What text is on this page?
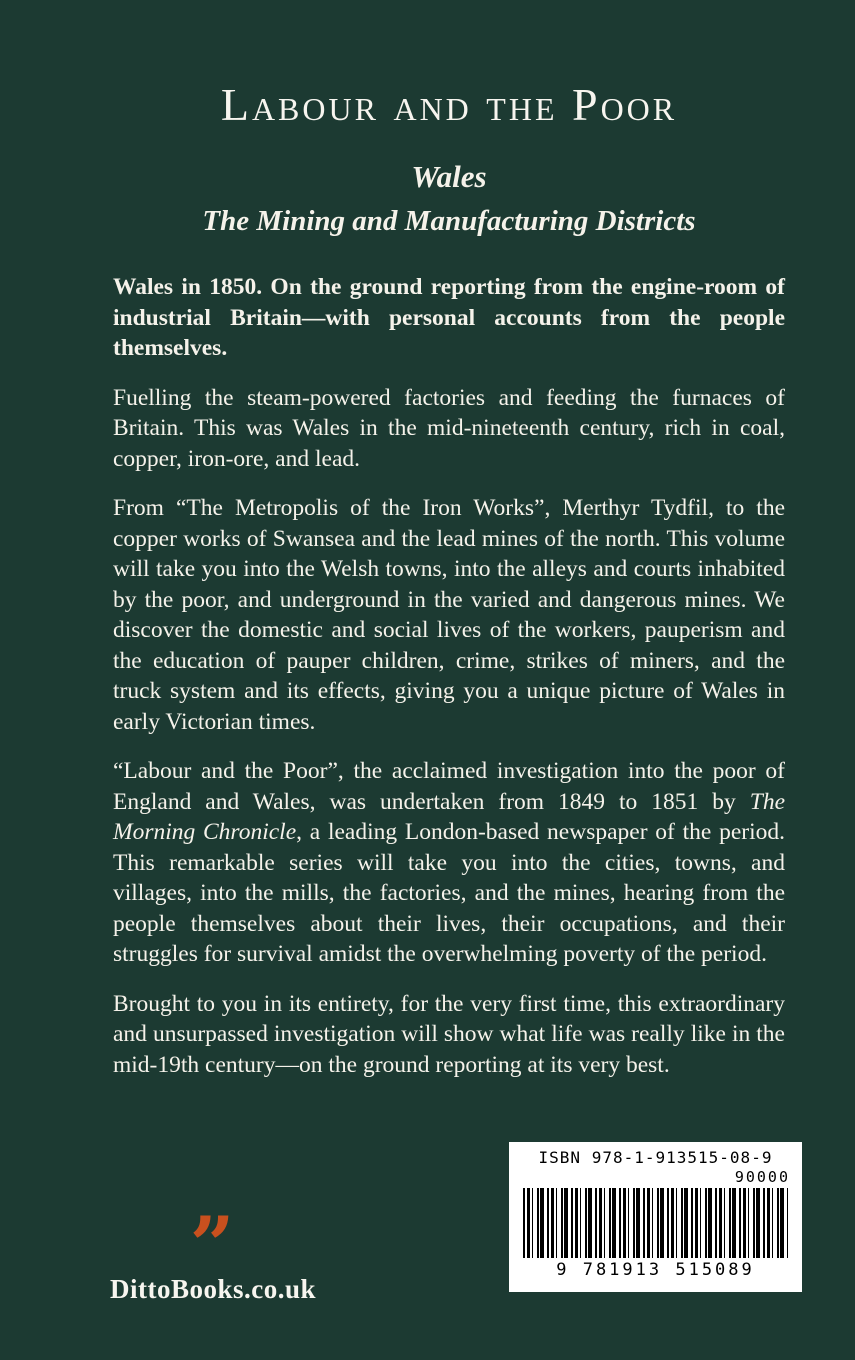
Labour and the Poor
Wales
The Mining and Manufacturing Districts

Wales in 1850. On the ground reporting from the engine-room of industrial Britain—with personal accounts from the people themselves.

Fuelling the steam-powered factories and feeding the furnaces of Britain. This was Wales in the mid-nineteenth century, rich in coal, copper, iron-ore, and lead.

From “The Metropolis of the Iron Works”, Merthyr Tydfil, to the copper works of Swansea and the lead mines of the north. This volume will take you into the Welsh towns, into the alleys and courts inhabited by the poor, and underground in the varied and dangerous mines. We discover the domestic and social lives of the workers, pauperism and the education of pauper children, crime, strikes of miners, and the truck system and its effects, giving you a unique picture of Wales in early Victorian times.

“Labour and the Poor”, the acclaimed investigation into the poor of England and Wales, was undertaken from 1849 to 1851 by The Morning Chronicle, a leading London-based newspaper of the period. This remarkable series will take you into the cities, towns, and villages, into the mills, the factories, and the mines, hearing from the people themselves about their lives, their occupations, and their struggles for survival amidst the overwhelming poverty of the period.

Brought to you in its entirety, for the very first time, this extraordinary and unsurpassed investigation will show what life was really like in the mid-19th century—on the ground reporting at its very best.

”
DittoBooks.co.uk
ISBN 978-1-913515-08-9
90000
9 781913 515089
